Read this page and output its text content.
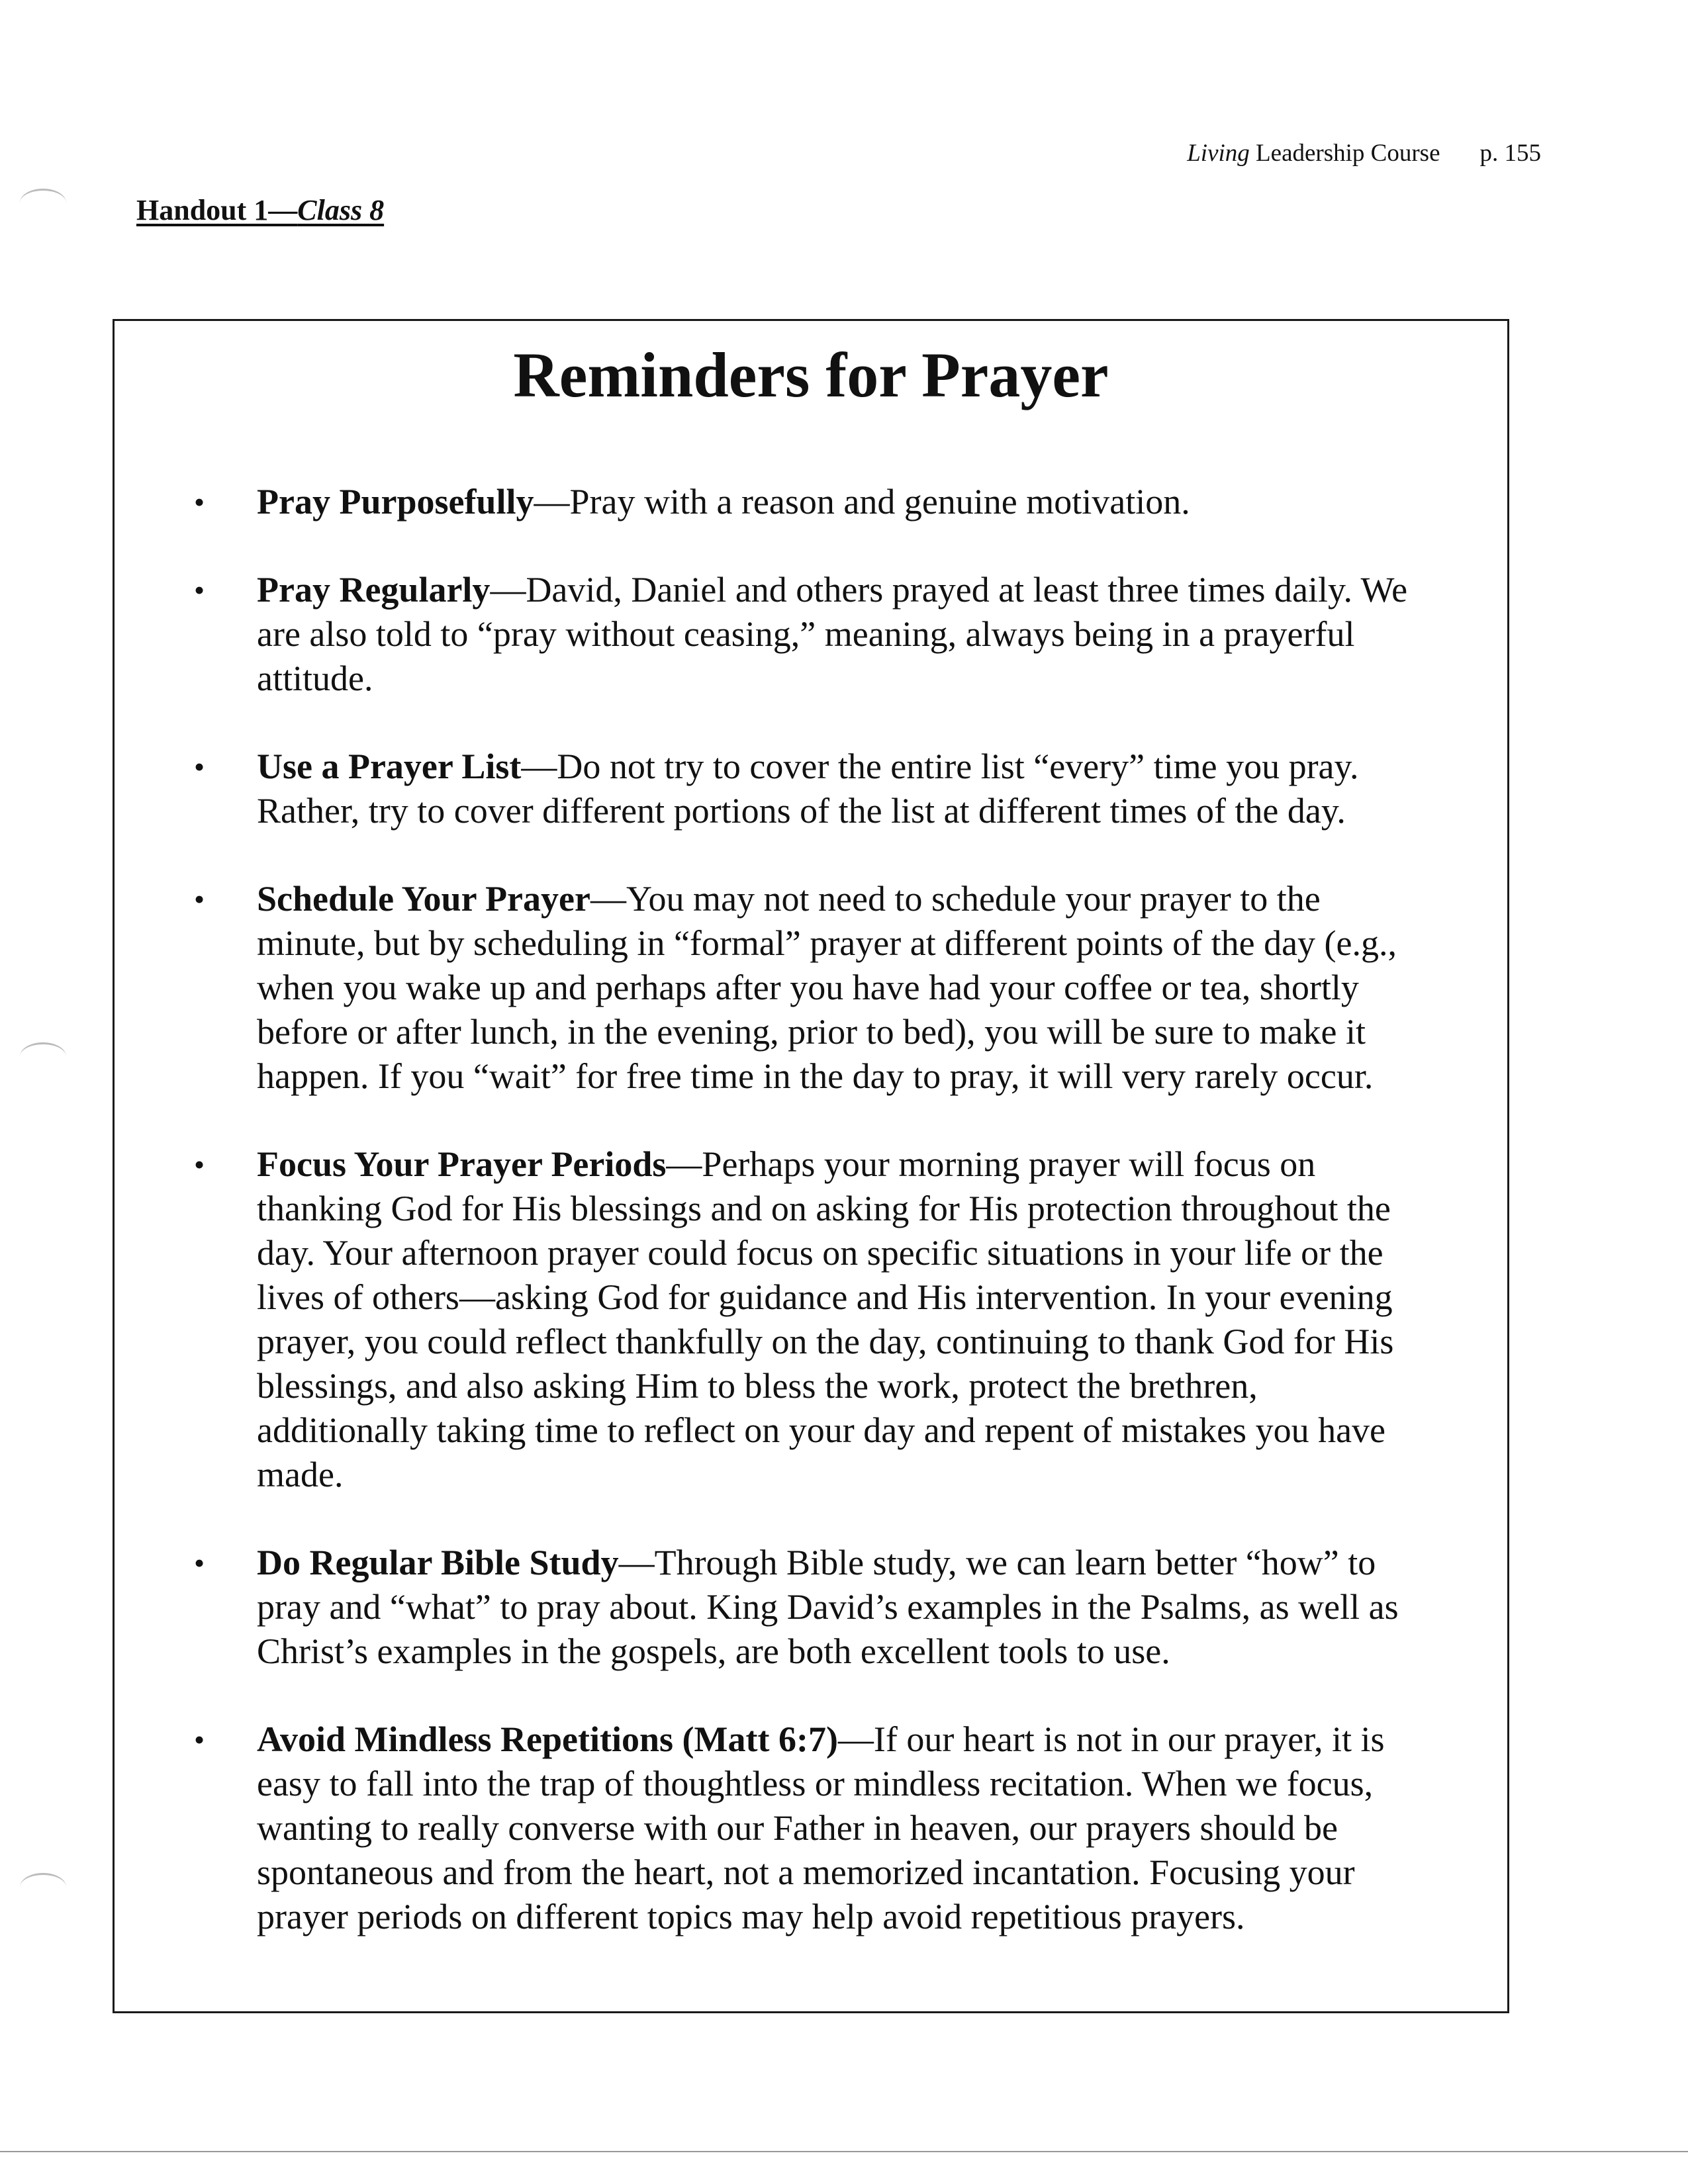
Living Leadership Course p. 155
Handout 1—Class 8
Reminders for Prayer
• Pray Purposefully—Pray with a reason and genuine motivation.
• Pray Regularly—David, Daniel and others prayed at least three times daily. We are also told to “pray without ceasing,” meaning, always being in a prayerful attitude.
• Use a Prayer List—Do not try to cover the entire list “every” time you pray. Rather, try to cover different portions of the list at different times of the day.
• Schedule Your Prayer—You may not need to schedule your prayer to the minute, but by scheduling in “formal” prayer at different points of the day (e.g., when you wake up and perhaps after you have had your coffee or tea, shortly before or after lunch, in the evening, prior to bed), you will be sure to make it happen. If you “wait” for free time in the day to pray, it will very rarely occur.
• Focus Your Prayer Periods—Perhaps your morning prayer will focus on thanking God for His blessings and on asking for His protection throughout the day. Your afternoon prayer could focus on specific situations in your life or the lives of others—asking God for guidance and His intervention. In your evening prayer, you could reflect thankfully on the day, continuing to thank God for His blessings, and also asking Him to bless the work, protect the brethren, additionally taking time to reflect on your day and repent of mistakes you have made.
• Do Regular Bible Study—Through Bible study, we can learn better “how” to pray and “what” to pray about. King David’s examples in the Psalms, as well as Christ’s examples in the gospels, are both excellent tools to use.
• Avoid Mindless Repetitions (Matt 6:7)—If our heart is not in our prayer, it is easy to fall into the trap of thoughtless or mindless recitation. When we focus, wanting to really converse with our Father in heaven, our prayers should be spontaneous and from the heart, not a memorized incantation. Focusing your prayer periods on different topics may help avoid repetitious prayers.
